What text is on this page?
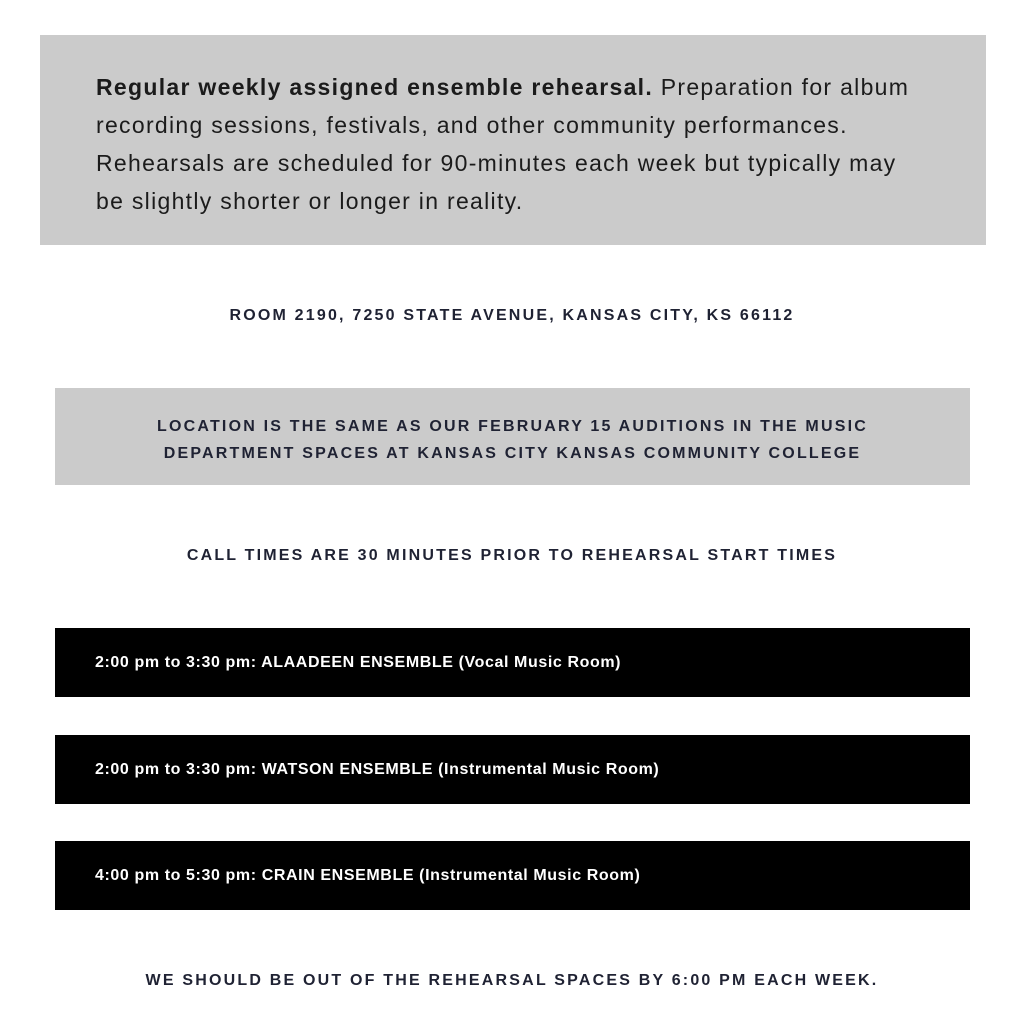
Regular weekly assigned ensemble rehearsal. Preparation for album recording sessions, festivals, and other community performances. Rehearsals are scheduled for 90-minutes each week but typically may be slightly shorter or longer in reality.

ROOM 2190, 7250 STATE AVENUE, KANSAS CITY, KS 66112

LOCATION IS THE SAME AS OUR FEBRUARY 15 AUDITIONS IN THE MUSIC

DEPARTMENT SPACES AT KANSAS CITY KANSAS COMMUNITY COLLEGE

CALL TIMES ARE 30 MINUTES PRIOR TO REHEARSAL START TIMES

2:00 pm to 3:30 pm: ALAADEEN ENSEMBLE (Vocal Music Room)
2:00 pm to 3:30 pm: WATSON ENSEMBLE (Instrumental Music Room)
4:00 pm to 5:30 pm: CRAIN ENSEMBLE (Instrumental Music Room)

WE SHOULD BE OUT OF THE REHEARSAL SPACES BY 6:00 PM EACH WEEK.
